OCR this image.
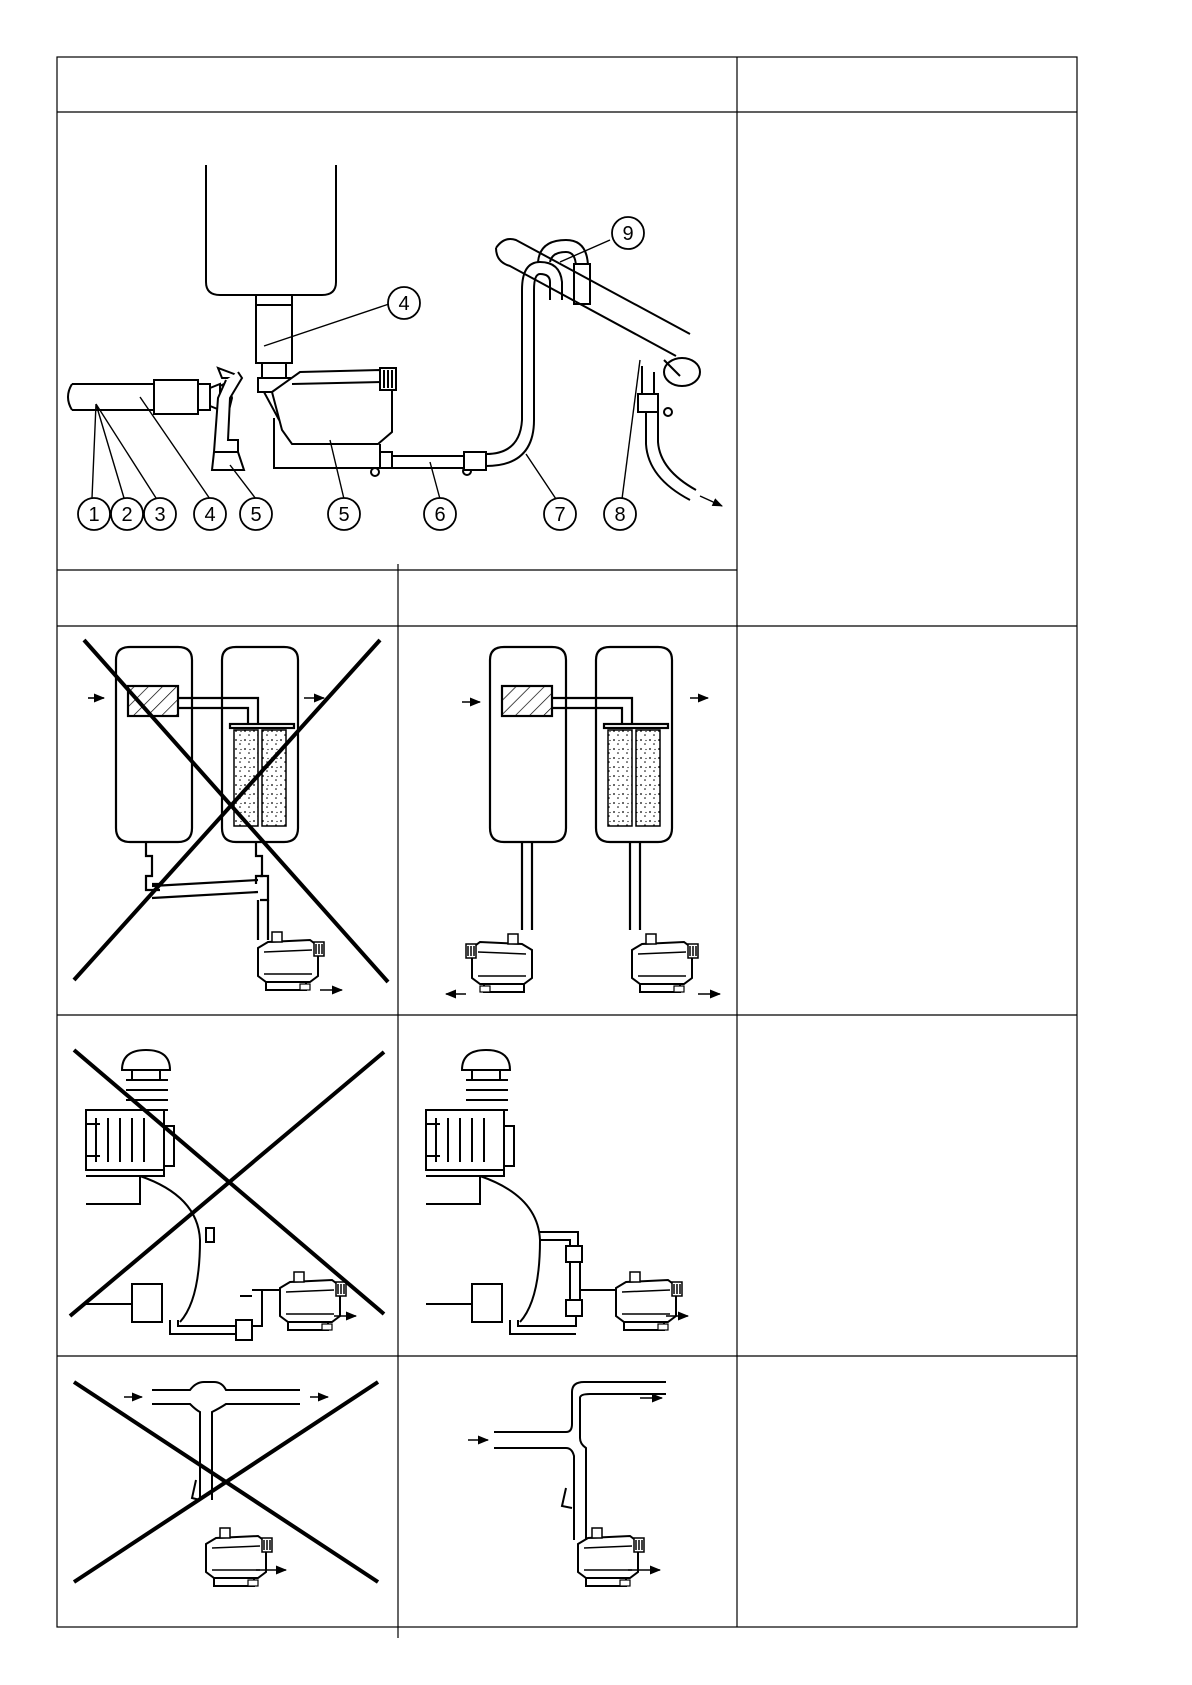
1 2 3 4 5	5	6	7 8
9
4
